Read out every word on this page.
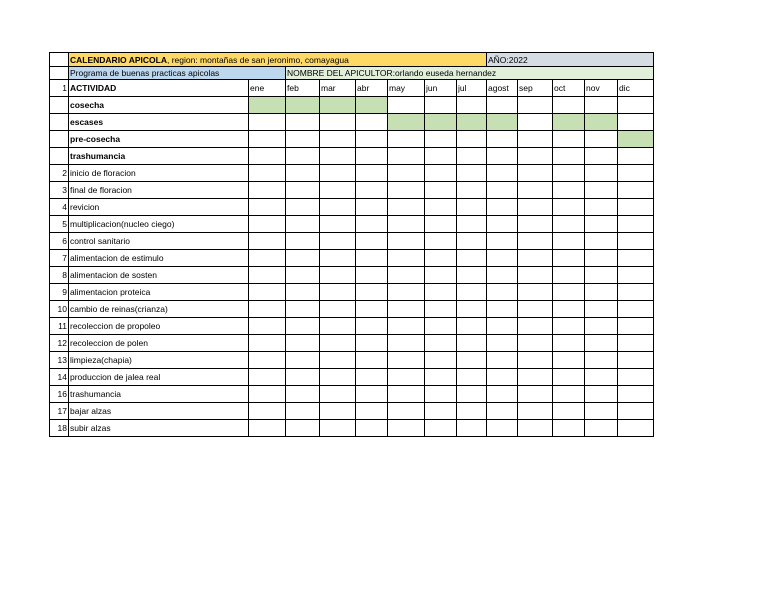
	CALENDARIO APICOLA, region: montañas de san jeronimo, comayagua								AÑO:2022				
	Programa de buenas practicas apicolas		NOMBRE DEL APICULTOR:orlando euseda hernandez										
1	ACTIVIDAD	ene	feb	mar	abr	may	jun	jul	agost	sep	oct	nov	dic
	cosecha												
	escases												
	pre-cosecha												
	trashumancia												
2	inicio de floracion												
3	final de floracion												
4	revicion												
5	multiplicacion(nucleo ciego)												
6	control sanitario												
7	alimentacion de estimulo												
8	alimentacion de sosten												
9	alimentacion proteica												
10	cambio de reinas(crianza)												
11	recoleccion de propoleo												
12	recoleccion de polen												
13	limpieza(chapia)												
14	produccion de jalea real												
16	trashumancia												
17	bajar alzas												
18	subir alzas												
